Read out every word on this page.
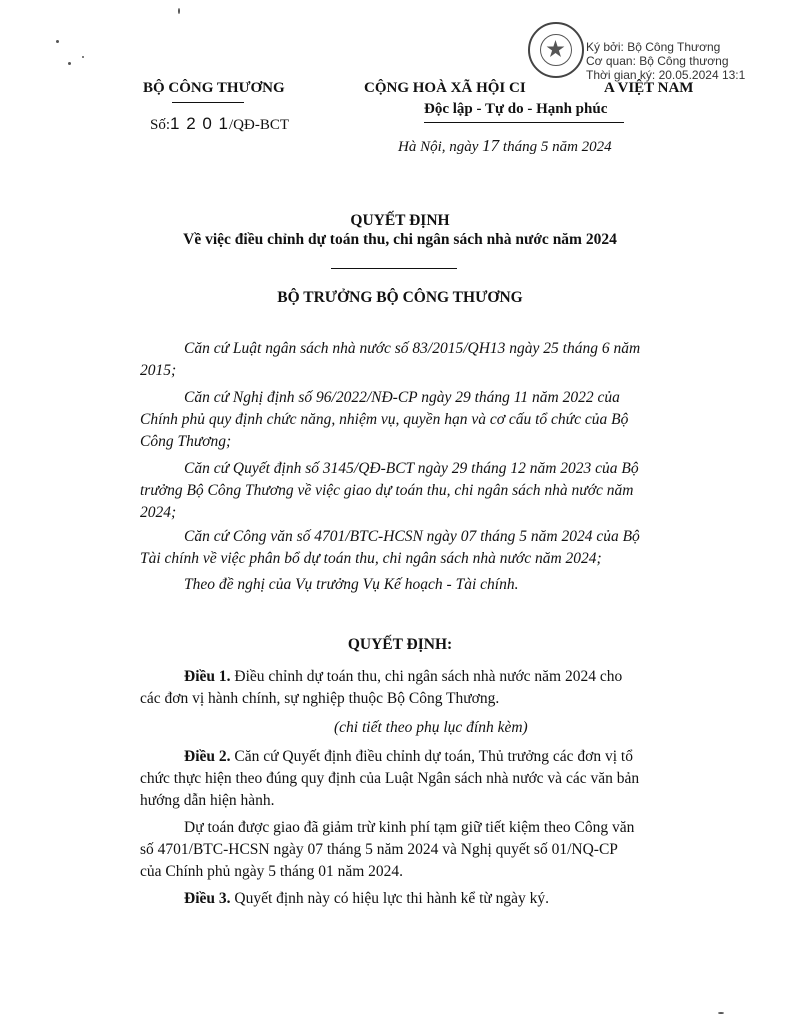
BỘ CÔNG THƯƠNG
Số:1 2 0 1/QĐ-BCT
CỘNG HOÀ XÃ HỘI CI	A VIỆT NAM
Độc lập - Tự do - Hạnh phúc
Hà Nội, ngày 17 tháng 5 năm 2024
Ký bởi: Bộ Công Thương
Cơ quan: Bộ Công thương
Thời gian ký: 20.05.2024 13:1
QUYẾT ĐỊNH
Về việc điều chỉnh dự toán thu, chi ngân sách nhà nước năm 2024
BỘ TRƯỞNG BỘ CÔNG THƯƠNG
Căn cứ Luật ngân sách nhà nước số 83/2015/QH13 ngày 25 tháng 6 năm
2015;
Căn cứ Nghị định số 96/2022/NĐ-CP ngày 29 tháng 11 năm 2022 của
Chính phủ quy định chức năng, nhiệm vụ, quyền hạn và cơ cấu tổ chức của Bộ
Công Thương;
Căn cứ Quyết định số 3145/QĐ-BCT ngày 29 tháng 12 năm 2023 của Bộ
trưởng Bộ Công Thương về việc giao dự toán thu, chi ngân sách nhà nước năm
2024;
Căn cứ Công văn số 4701/BTC-HCSN ngày 07 tháng 5 năm 2024 của Bộ
Tài chính về việc phân bổ dự toán thu, chi ngân sách nhà nước năm 2024;
Theo đề nghị của Vụ trưởng Vụ Kế hoạch - Tài chính.
QUYẾT ĐỊNH:
Điều 1. Điều chỉnh dự toán thu, chi ngân sách nhà nước năm 2024 cho
các đơn vị hành chính, sự nghiệp thuộc Bộ Công Thương.
(chi tiết theo phụ lục đính kèm)
Điều 2. Căn cứ Quyết định điều chỉnh dự toán, Thủ trưởng các đơn vị tổ
chức thực hiện theo đúng quy định của Luật Ngân sách nhà nước và các văn bản
hướng dẫn hiện hành.
Dự toán được giao đã giảm trừ kinh phí tạm giữ tiết kiệm theo Công văn
số 4701/BTC-HCSN ngày 07 tháng 5 năm 2024 và Nghị quyết số 01/NQ-CP
của Chính phủ ngày 5 tháng 01 năm 2024.
Điều 3. Quyết định này có hiệu lực thi hành kể từ ngày ký.
